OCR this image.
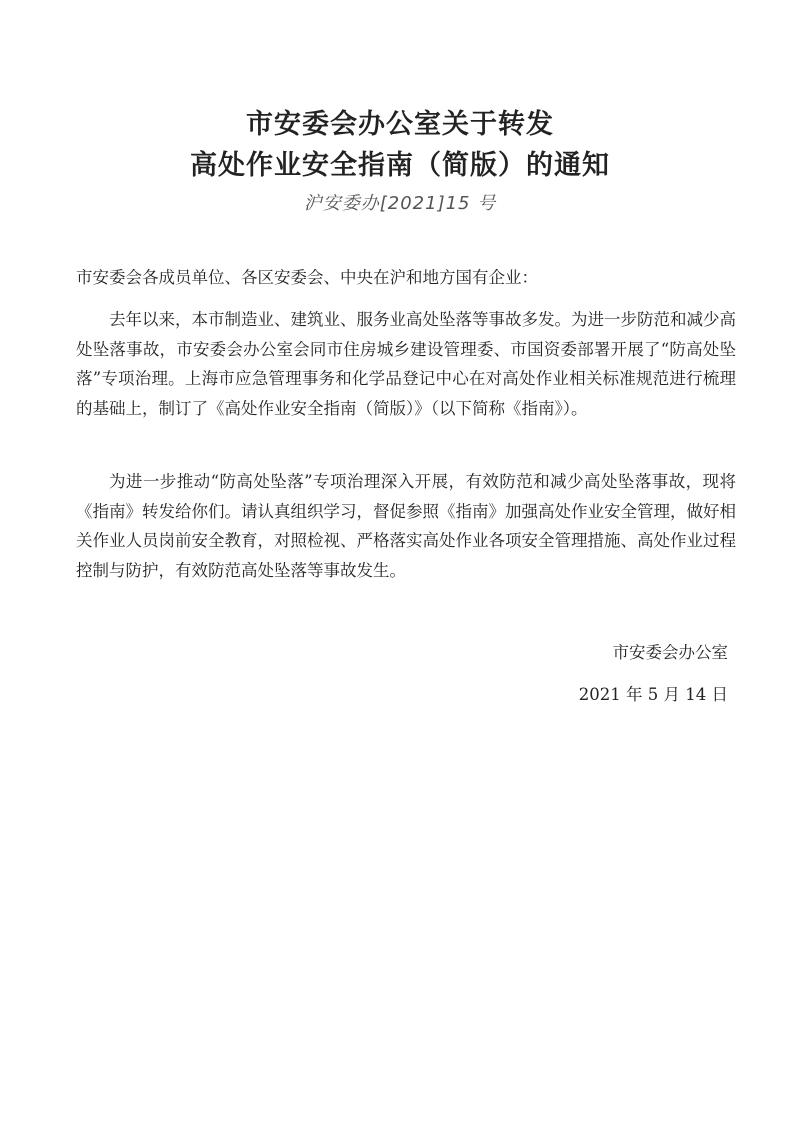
市安委会办公室关于转发
高处作业安全指南（简版）的通知
沪安委办[2021]15 号
市安委会各成员单位、各区安委会、中央在沪和地方国有企业：
去年以来，本市制造业、建筑业、服务业高处坠落等事故多发。为进一步防范和减少高处坠落事故，市安委会办公室会同市住房城乡建设管理委、市国资委部署开展了“防高处坠落”专项治理。上海市应急管理事务和化学品登记中心在对高处作业相关标准规范进行梳理的基础上，制订了《高处作业安全指南（简版）》（以下简称《指南》）。
为进一步推动“防高处坠落”专项治理深入开展，有效防范和减少高处坠落事故，现将《指南》转发给你们。请认真组织学习，督促参照《指南》加强高处作业安全管理，做好相关作业人员岗前安全教育，对照检视、严格落实高处作业各项安全管理措施、高处作业过程控制与防护，有效防范高处坠落等事故发生。
市安委会办公室
2021 年 5 月 14 日
